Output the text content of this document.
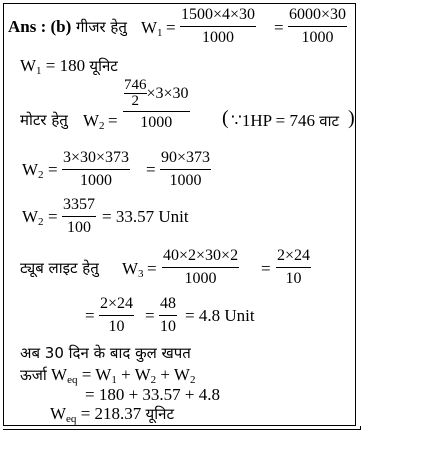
Ans : (b) गीजर हेतु $W_1$ =
1500×4×30
1000
=
6000×30
1000
$W_1 = 180$ यूनिट
मोटर हेतु $W_2$ =
746
2 ×3×30
1000 ( ∵1HP = 746 वाट )
$W_2$ =
3×30×373
1000
=
90×373
1000
$W_2$ =
3357
100
= 33.57 Unit
ट्यूब लाइट हेतु $W_3$ =
40×2×30×2
1000
=
2×24
10
=
2×24
10
=
48
10
= 4.8 Unit
अब 30 दिन के बाद कुल खपत
ऊर्जा $W_{eq} = W_1 + W_2 + W_2$
= 180 + 33.57 + 4.8
$W_{eq} = 218.37$ यूनिट
